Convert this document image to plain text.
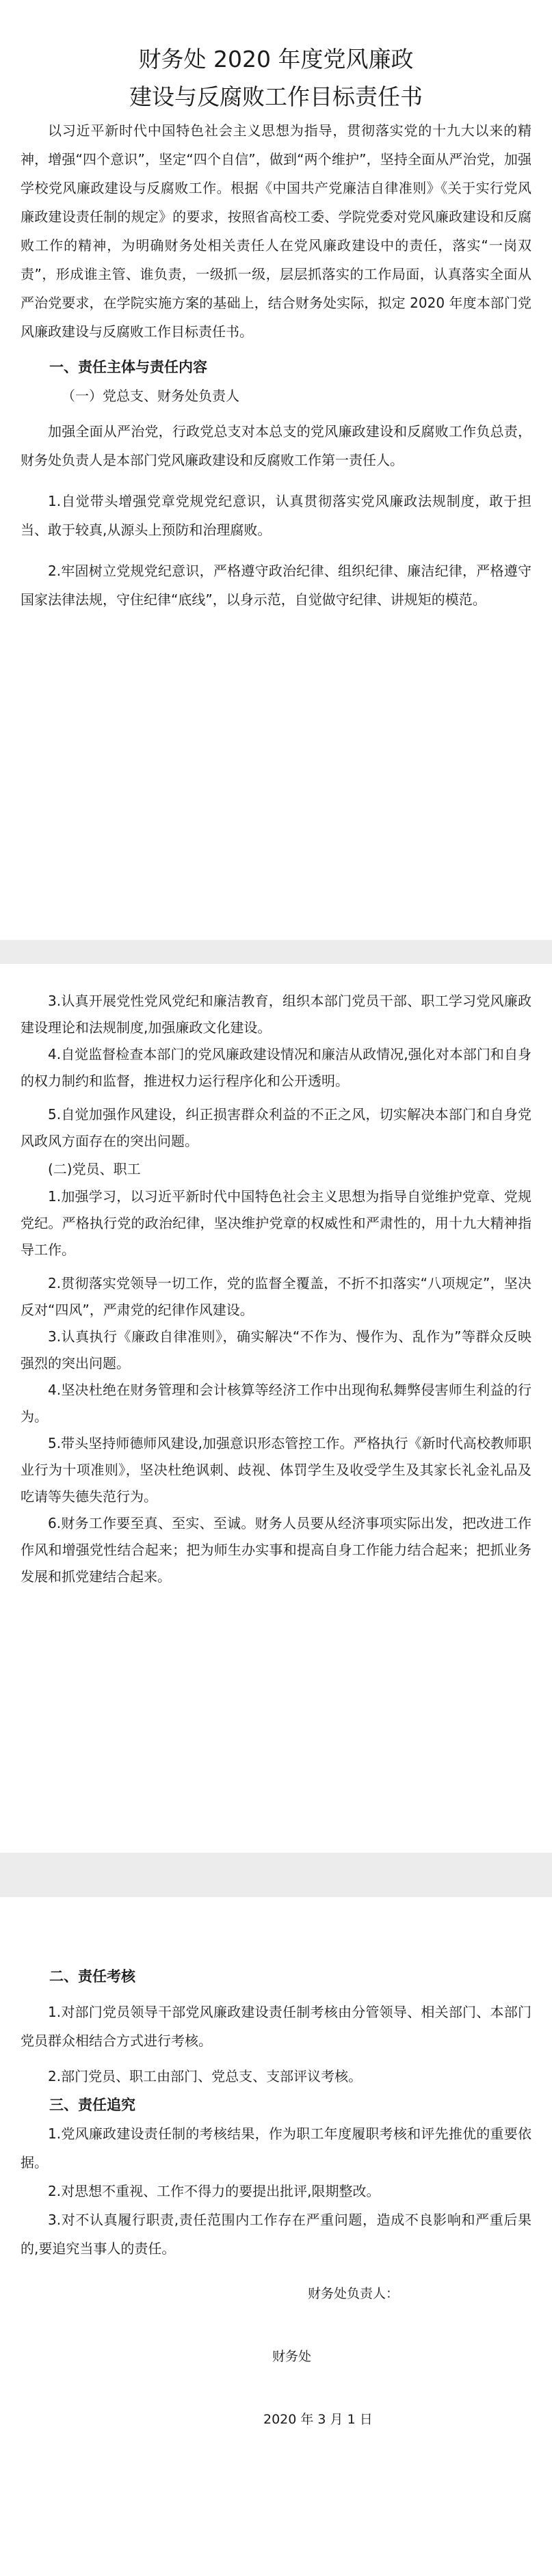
财务处 2020 年度党风廉政
建设与反腐败工作目标责任书

以习近平新时代中国特色社会主义思想为指导，贯彻落实党的十九大以来的精神，增强“四个意识”，坚定“四个自信”，做到“两个维护”，坚持全面从严治党，加强学校党风廉政建设与反腐败工作。根据《中国共产党廉洁自律准则》《关于实行党风廉政建设责任制的规定》的要求，按照省高校工委、学院党委对党风廉政建设和反腐败工作的精神，为明确财务处相关责任人在党风廉政建设中的责任，落实“一岗双责”，形成谁主管、谁负责，一级抓一级，层层抓落实的工作局面，认真落实全面从严治党要求，在学院实施方案的基础上，结合财务处实际，拟定 2020 年度本部门党风廉政建设与反腐败工作目标责任书。

一、责任主体与责任内容

（一）党总支、财务处负责人

加强全面从严治党，行政党总支对本总支的党风廉政建设和反腐败工作负总责，财务处负责人是本部门党风廉政建设和反腐败工作第一责任人。

1.自觉带头增强党章党规党纪意识，认真贯彻落实党风廉政法规制度，敢于担当、敢于较真,从源头上预防和治理腐败。

2.牢固树立党规党纪意识，严格遵守政治纪律、组织纪律、廉洁纪律，严格遵守国家法律法规，守住纪律“底线”，以身示范，自觉做守纪律、讲规矩的模范。

3.认真开展党性党风党纪和廉洁教育，组织本部门党员干部、职工学习党风廉政建设理论和法规制度,加强廉政文化建设。

4.自觉监督检查本部门的党风廉政建设情况和廉洁从政情况,强化对本部门和自身的权力制约和监督，推进权力运行程序化和公开透明。

5.自觉加强作风建设，纠正损害群众利益的不正之风，切实解决本部门和自身党风政风方面存在的突出问题。

(二)党员、职工

1.加强学习，以习近平新时代中国特色社会主义思想为指导自觉维护党章、党规党纪。严格执行党的政治纪律，坚决维护党章的权威性和严肃性的，用十九大精神指导工作。

2.贯彻落实党领导一切工作，党的监督全覆盖，不折不扣落实“八项规定”，坚决反对“四风”，严肃党的纪律作风建设。

3.认真执行《廉政自律准则》，确实解决“不作为、慢作为、乱作为”等群众反映强烈的突出问题。

4.坚决杜绝在财务管理和会计核算等经济工作中出现徇私舞弊侵害师生利益的行为。

5.带头坚持师德师风建设,加强意识形态管控工作。严格执行《新时代高校教师职业行为十项准则》，坚决杜绝讽刺、歧视、体罚学生及收受学生及其家长礼金礼品及吃请等失德失范行为。

6.财务工作要至真、至实、至诚。财务人员要从经济事项实际出发，把改进工作作风和增强党性结合起来；把为师生办实事和提高自身工作能力结合起来；把抓业务发展和抓党建结合起来。

二、责任考核

1.对部门党员领导干部党风廉政建设责任制考核由分管领导、相关部门、本部门党员群众相结合方式进行考核。

2.部门党员、职工由部门、党总支、支部评议考核。

三、责任追究

1.党风廉政建设责任制的考核结果，作为职工年度履职考核和评先推优的重要依据。

2.对思想不重视、工作不得力的要提出批评,限期整改。

3.对不认真履行职责,责任范围内工作存在严重问题，造成不良影响和严重后果的,要追究当事人的责任。

财务处负责人：

财务处

2020 年 3 月 1 日
